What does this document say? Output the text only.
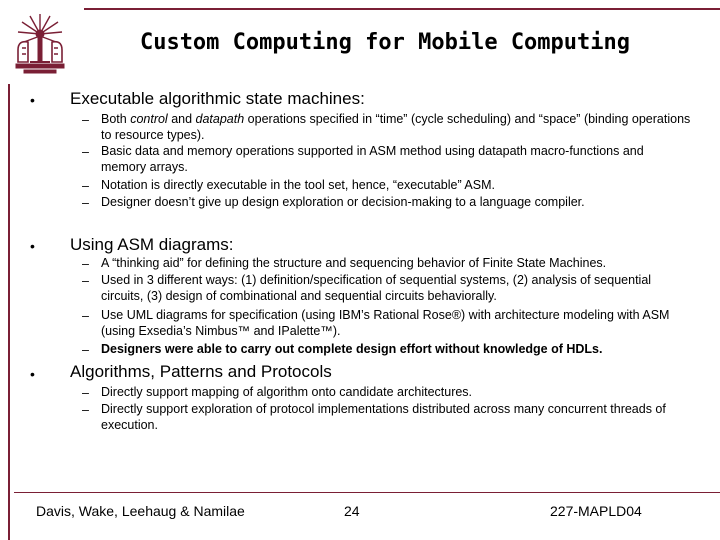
Custom Computing for Mobile Computing
• Executable algorithmic state machines:
– Both control and datapath operations specified in “time” (cycle scheduling) and “space” (binding operations to resource types).
– Basic data and memory operations supported in ASM method using datapath macro-functions and memory arrays.
– Notation is directly executable in the tool set, hence, “executable” ASM.
– Designer doesn’t give up design exploration or decision-making to a language compiler.
• Using ASM diagrams:
– A “thinking aid” for defining the structure and sequencing behavior of Finite State Machines.
– Used in 3 different ways: (1) definition/specification of sequential systems, (2) analysis of sequential circuits, (3) design of combinational and sequential circuits behaviorally.
– Use UML diagrams for specification (using IBM’s Rational Rose®) with architecture modeling with ASM (using Exsedia’s Nimbus™ and IPalette™).
– Designers were able to carry out complete design effort without knowledge of HDLs.
• Algorithms, Patterns and Protocols
– Directly support mapping of algorithm onto candidate architectures.
– Directly support exploration of protocol implementations distributed across many concurrent threads of execution.
Davis, Wake, Leehaug & Namilae	24	227-MAPLD04
